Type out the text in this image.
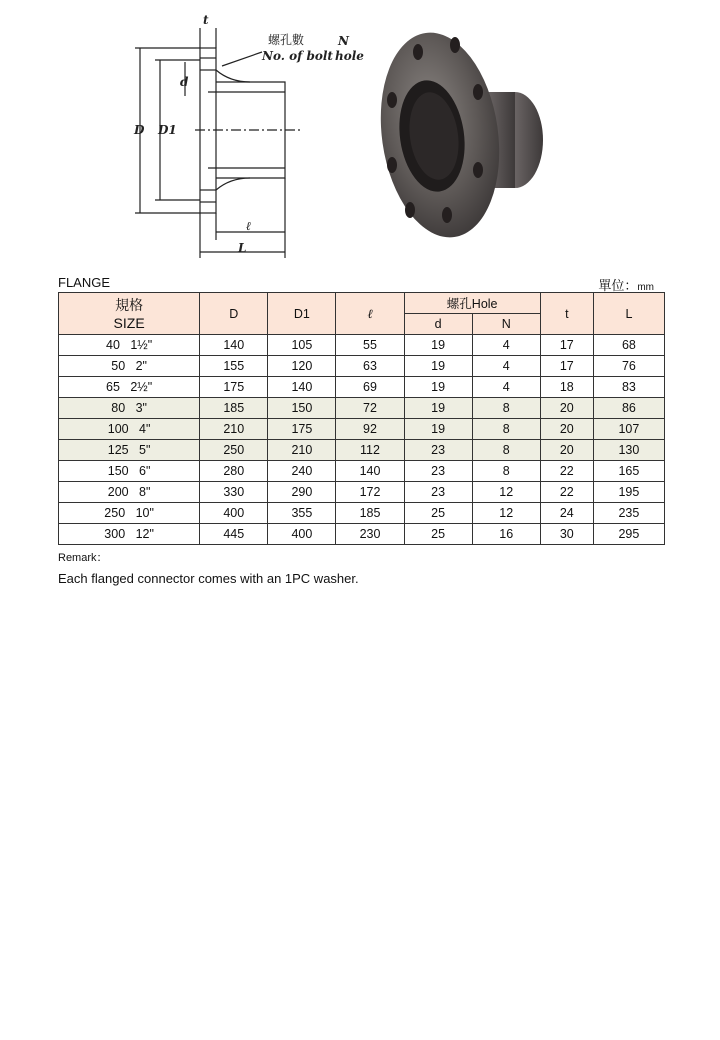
螺孔數
No. of bolt hole
N
t
D D1
d
ℓ
L
FLANGE	單位：mm
規格
SIZE	D	D1	ℓ	螺孔Hole		t	L
				d	N		
40   1½"	140	105	55	19	4	17	68
50   2"	155	120	63	19	4	17	76
65   2½"	175	140	69	19	4	18	83
80   3"	185	150	72	19	8	20	86
100   4"	210	175	92	19	8	20	107
125   5"	250	210	112	23	8	20	130
150   6"	280	240	140	23	8	22	165
200   8"	330	290	172	23	12	22	195
250   10"	400	355	185	25	12	24	235
300   12"	445	400	230	25	16	30	295
Remark：
Each flanged connector comes with an 1PC washer.
